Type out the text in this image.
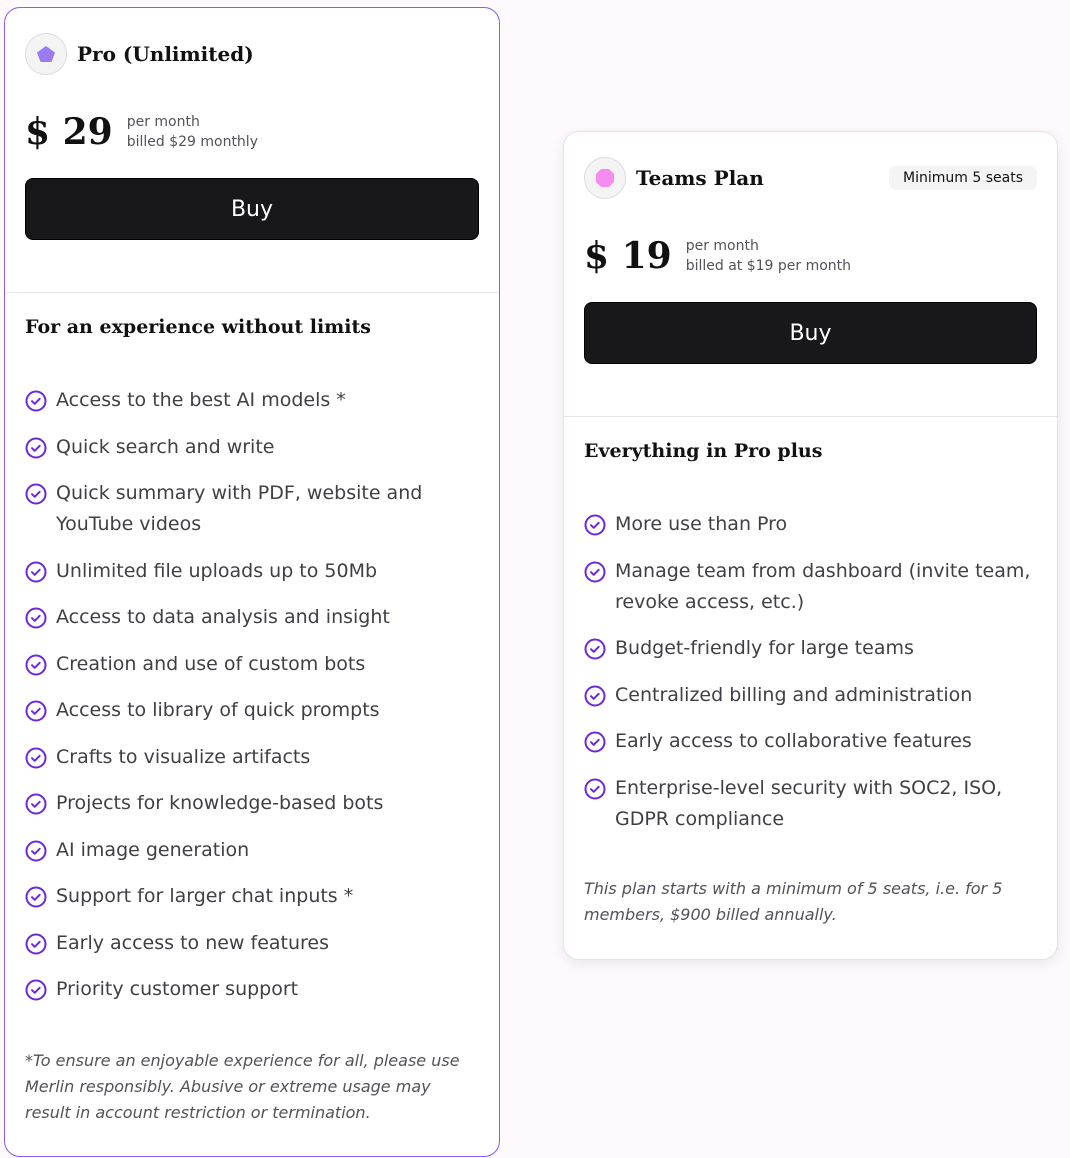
Pro (Unlimited)
$ 29 per month
billed $29 monthly
Buy
For an experience without limits
Access to the best AI models *
Quick search and write
Quick summary with PDF, website and YouTube videos
Unlimited file uploads up to 50Mb
Access to data analysis and insight
Creation and use of custom bots
Access to library of quick prompts
Crafts to visualize artifacts
Projects for knowledge-based bots
AI image generation
Support for larger chat inputs *
Early access to new features
Priority customer support
*To ensure an enjoyable experience for all, please use Merlin responsibly. Abusive or extreme usage may result in account restriction or termination.
Teams Plan	Minimum 5 seats
$ 19 per month
billed at $19 per month
Buy
Everything in Pro plus
More use than Pro
Manage team from dashboard (invite team, revoke access, etc.)
Budget-friendly for large teams
Centralized billing and administration
Early access to collaborative features
Enterprise-level security with SOC2, ISO, GDPR compliance
This plan starts with a minimum of 5 seats, i.e. for 5 members, $900 billed annually.
